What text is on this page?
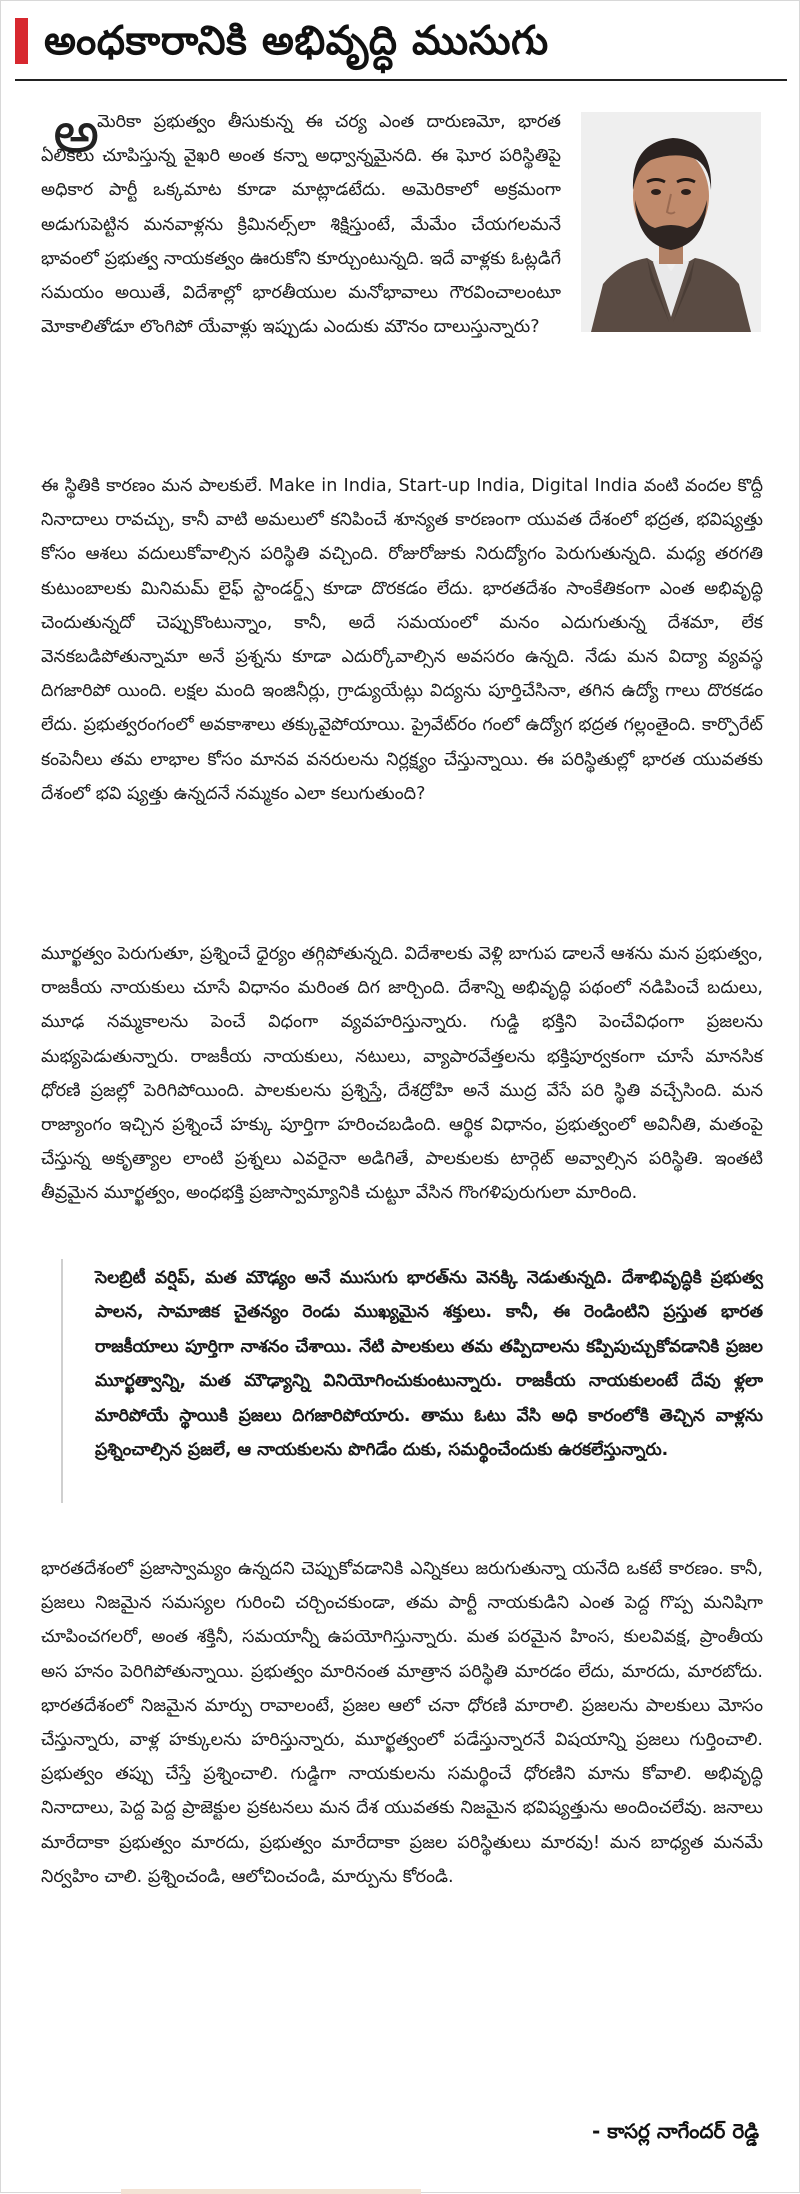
అంధకారానికి అభివృద్ధి ముసుగు
అ

మెరికా ప్రభుత్వం తీసుకున్న ఈ చర్య ఎంత దారుణమో, భారత ఏలికలు చూపిస్తున్న వైఖరి అంత కన్నా అధ్వాన్నమైనది. ఈ ఘోర పరిస్థితిపై అధికార పార్టీ ఒక్కమాట కూడా మాట్లాడటేదు. అమెరికాలో అక్రమంగా అడుగుపెట్టిన మనవాళ్లను క్రిమినల్స్‌లా శిక్షిస్తుంటే, మేమేం చేయగలమనే భావంలో ప్రభుత్వ నాయకత్వం ఊరుకోని కూర్చుంటున్నది. ఇదే వాళ్లకు ఓట్లడిగే సమయం అయితే, విదేశాల్లో భారతీయుల మనోభావాలు గౌరవించాలంటూ మోకాలితోడూ లొంగిపో యేవాళ్లు ఇప్పుడు ఎందుకు మౌనం దాలుస్తున్నారు?

ఈ స్థితికి కారణం మన పాలకులే. Make in India, Start-up India, Digital India వంటి వందల కొద్దీ నినాదాలు రావచ్చు, కానీ వాటి అమలులో కనిపించే శూన్యత కారణంగా యువత దేశంలో భద్రత, భవిష్యత్తు కోసం ఆశలు వదులుకోవాల్సిన పరిస్థితి వచ్చింది. రోజురోజుకు నిరుద్యోగం పెరుగుతున్నది. మధ్య తరగతి కుటుంబాలకు మినిమమ్ లైఫ్ స్టాండర్డ్స్ కూడా దొరకడం లేదు. భారతదేశం సాంకేతికంగా ఎంత అభివృద్ధి చెందుతున్నదో చెప్పుకొంటున్నాం, కానీ, అదే సమయంలో మనం ఎదుగుతున్న దేశమా, లేక వెనకబడిపోతున్నామా అనే ప్రశ్నను కూడా ఎదుర్కోవాల్సిన అవసరం ఉన్నది. నేడు మన విద్యా వ్యవస్థ దిగజారిపో యింది. లక్షల మంది ఇంజినీర్లు, గ్రాడ్యుయేట్లు విద్యను పూర్తిచేసినా, తగిన ఉద్యో గాలు దొరకడం లేదు. ప్రభుత్వరంగంలో అవకాశాలు తక్కువైపోయాయి. ప్రైవేట్‌రం గంలో ఉద్యోగ భద్రత గల్లంతైంది. కార్పొరేట్ కంపెనీలు తమ లాభాల కోసం మానవ వనరులను నిర్లక్ష్యం చేస్తున్నాయి. ఈ పరిస్థితుల్లో భారత యువతకు దేశంలో భవి ష్యత్తు ఉన్నదనే నమ్మకం ఎలా కలుగుతుంది?

మూర్ఖత్వం పెరుగుతూ, ప్రశ్నించే ధైర్యం తగ్గిపోతున్నది. విదేశాలకు వెళ్లి బాగుప డాలనే ఆశను మన ప్రభుత్వం, రాజకీయ నాయకులు చూసే విధానం మరింత దిగ జార్చింది. దేశాన్ని అభివృద్ధి పథంలో నడిపించే బదులు, మూఢ నమ్మకాలను పెంచే విధంగా వ్యవహరిస్తున్నారు. గుడ్డి భక్తిని పెంచేవిధంగా ప్రజలను మభ్యపెడుతున్నారు. రాజకీయ నాయకులు, నటులు, వ్యాపారవేత్తలను భక్తిపూర్వకంగా చూసే మానసిక ధోరణి ప్రజల్లో పెరిగిపోయింది. పాలకులను ప్రశ్నిస్తే, దేశద్రోహి అనే ముద్ర వేసే పరి స్థితి వచ్చేసింది. మన రాజ్యాంగం ఇచ్చిన ప్రశ్నించే హక్కు పూర్తిగా హరించబడింది. ఆర్థిక విధానం, ప్రభుత్వంలో అవినీతి, మతంపై చేస్తున్న అకృత్యాల లాంటి ప్రశ్నలు ఎవరైనా అడిగితే, పాలకులకు టార్గెట్ అవ్వాల్సిన పరిస్థితి. ఇంతటి తీవ్రమైన మూర్ఖత్వం, అంధభక్తి ప్రజాస్వామ్యానికి చుట్టూ వేసిన గొంగళిపురుగులా మారింది.

సెలబ్రిటీ వర్షిప్, మత మౌఢ్యం అనే ముసుగు భారత్‌ను వెనక్కి నెడుతున్నది. దేశాభివృద్ధికి ప్రభుత్వ పాలన, సామాజిక చైతన్యం రెండు ముఖ్యమైన శక్తులు. కానీ, ఈ రెండింటిని ప్రస్తుత భారత రాజకీయాలు పూర్తిగా నాశనం చేశాయి. నేటి పాలకులు తమ తప్పిదాలను కప్పిపుచ్చుకోవడానికి ప్రజల మూర్ఖత్వాన్ని, మత మౌఢ్యాన్ని వినియోగించుకుంటున్నారు. రాజకీయ నాయకులంటే దేవు ళ్లలా మారిపోయే స్థాయికి ప్రజలు దిగజారిపోయారు. తాము ఓటు వేసి అధి కారంలోకి తెచ్చిన వాళ్లను ప్రశ్నించాల్సిన ప్రజలే, ఆ నాయకులను పొగిడేం దుకు, సమర్థించేందుకు ఉరకలేస్తున్నారు.

భారతదేశంలో ప్రజాస్వామ్యం ఉన్నదని చెప్పుకోవడానికి ఎన్నికలు జరుగుతున్నా యనేది ఒకటే కారణం. కానీ, ప్రజలు నిజమైన సమస్యల గురించి చర్చించకుండా, తమ పార్టీ నాయకుడిని ఎంత పెద్ద గొప్ప మనిషిగా చూపించగలరో, అంత శక్తినీ, సమయాన్నీ ఉపయోగిస్తున్నారు. మత పరమైన హింస, కులవివక్ష, ప్రాంతీయ అస హనం పెరిగిపోతున్నాయి. ప్రభుత్వం మారినంత మాత్రాన పరిస్థితి మారడం లేదు, మారదు, మారబోదు. భారతదేశంలో నిజమైన మార్పు రావాలంటే, ప్రజల ఆలో చనా ధోరణి మారాలి. ప్రజలను పాలకులు మోసం చేస్తున్నారు, వాళ్ల హక్కులను హరిస్తున్నారు, మూర్ఖత్వంలో పడేస్తున్నారనే విషయాన్ని ప్రజలు గుర్తించాలి. ప్రభుత్వం తప్పు చేస్తే ప్రశ్నించాలి. గుడ్డిగా నాయకులను సమర్థించే ధోరణిని మాను కోవాలి. అభివృద్ధి నినాదాలు, పెద్ద పెద్ద ప్రాజెక్టుల ప్రకటనలు మన దేశ యువతకు నిజమైన భవిష్యత్తును అందించలేవు. జనాలు మారేదాకా ప్రభుత్వం మారదు, ప్రభుత్వం మారేదాకా ప్రజల పరిస్థితులు మారవు! మన బాధ్యత మనమే నిర్వహిం చాలి. ప్రశ్నించండి, ఆలోచించండి, మార్పును కోరండి.

- కాసర్ల నాగేందర్ రెడ్డి
